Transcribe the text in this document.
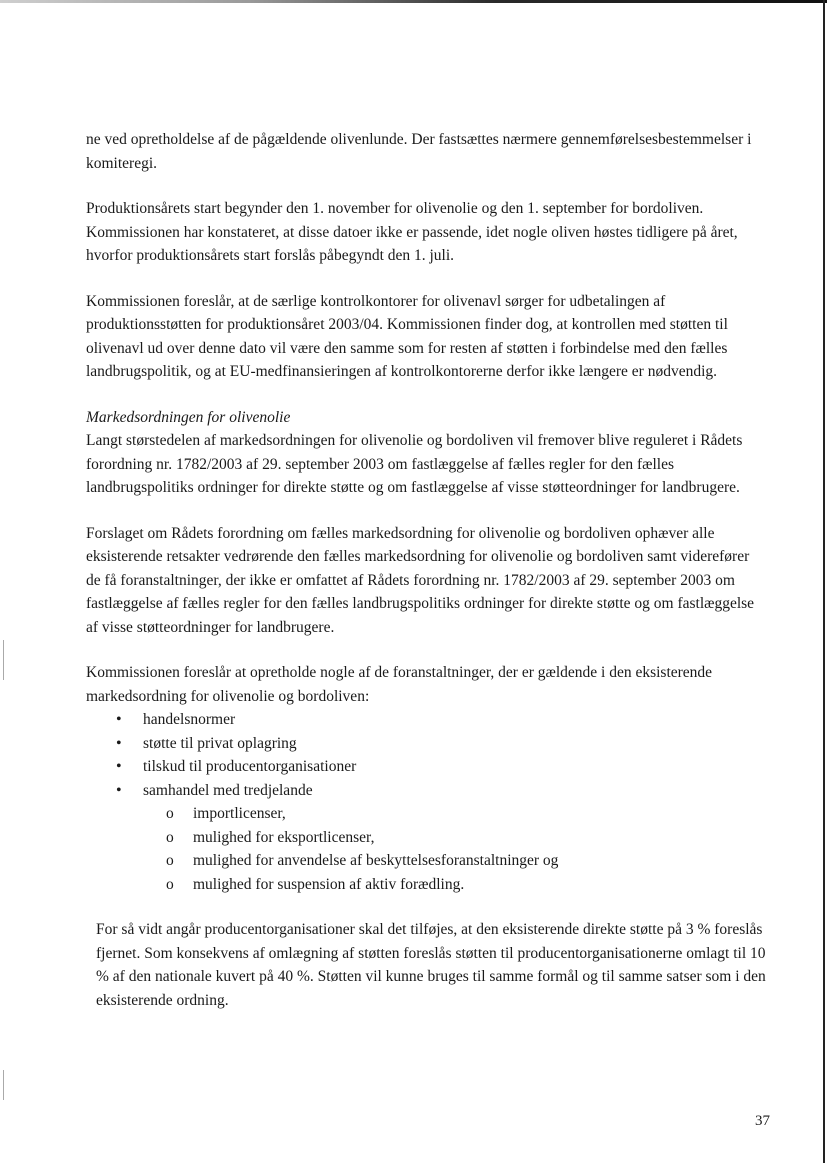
ne ved opretholdelse af de pågældende olivenlunde. Der fastsættes nærmere gennemførelsesbestemmelser i komiteregi.

Produktionsårets start begynder den 1. november for olivenolie og den 1. september for bordoliven. Kommissionen har konstateret, at disse datoer ikke er passende, idet nogle oliven høstes tidligere på året, hvorfor produktionsårets start forslås påbegyndt den 1. juli.

Kommissionen foreslår, at de særlige kontrolkontorer for olivenavl sørger for udbetalingen af produktionsstøtten for produktionsåret 2003/04. Kommissionen finder dog, at kontrollen med støtten til olivenavl ud over denne dato vil være den samme som for resten af støtten i forbindelse med den fælles landbrugspolitik, og at EU-medfinansieringen af kontrolkontorerne derfor ikke længere er nødvendig.

Markedsordningen for olivenolie

Langt størstedelen af markedsordningen for olivenolie og bordoliven vil fremover blive reguleret i Rådets forordning nr. 1782/2003 af 29. september 2003 om fastlæggelse af fælles regler for den fælles landbrugspolitiks ordninger for direkte støtte og om fastlæggelse af visse støtteordninger for landbrugere.

Forslaget om Rådets forordning om fælles markedsordning for olivenolie og bordoliven ophæver alle eksisterende retsakter vedrørende den fælles markedsordning for olivenolie og bordoliven samt viderefører de få foranstaltninger, der ikke er omfattet af Rådets forordning nr. 1782/2003 af 29. september 2003 om fastlæggelse af fælles regler for den fælles landbrugspolitiks ordninger for direkte støtte og om fastlæggelse af visse støtteordninger for landbrugere.

Kommissionen foreslår at opretholde nogle af de foranstaltninger, der er gældende i den eksisterende markedsordning for olivenolie og bordoliven:

• handelsnormer
• støtte til privat oplagring
• tilskud til producentorganisationer
• samhandel med tredjelande
o importlicenser,
o mulighed for eksportlicenser,
o mulighed for anvendelse af beskyttelsesforanstaltninger og
o mulighed for suspension af aktiv forædling.

For så vidt angår producentorganisationer skal det tilføjes, at den eksisterende direkte støtte på 3 % foreslås fjernet. Som konsekvens af omlægning af støtten foreslås støtten til producentorganisationerne omlagt til 10 % af den nationale kuvert på 40 %. Støtten vil kunne bruges til samme formål og til samme satser som i den eksisterende ordning.

37
